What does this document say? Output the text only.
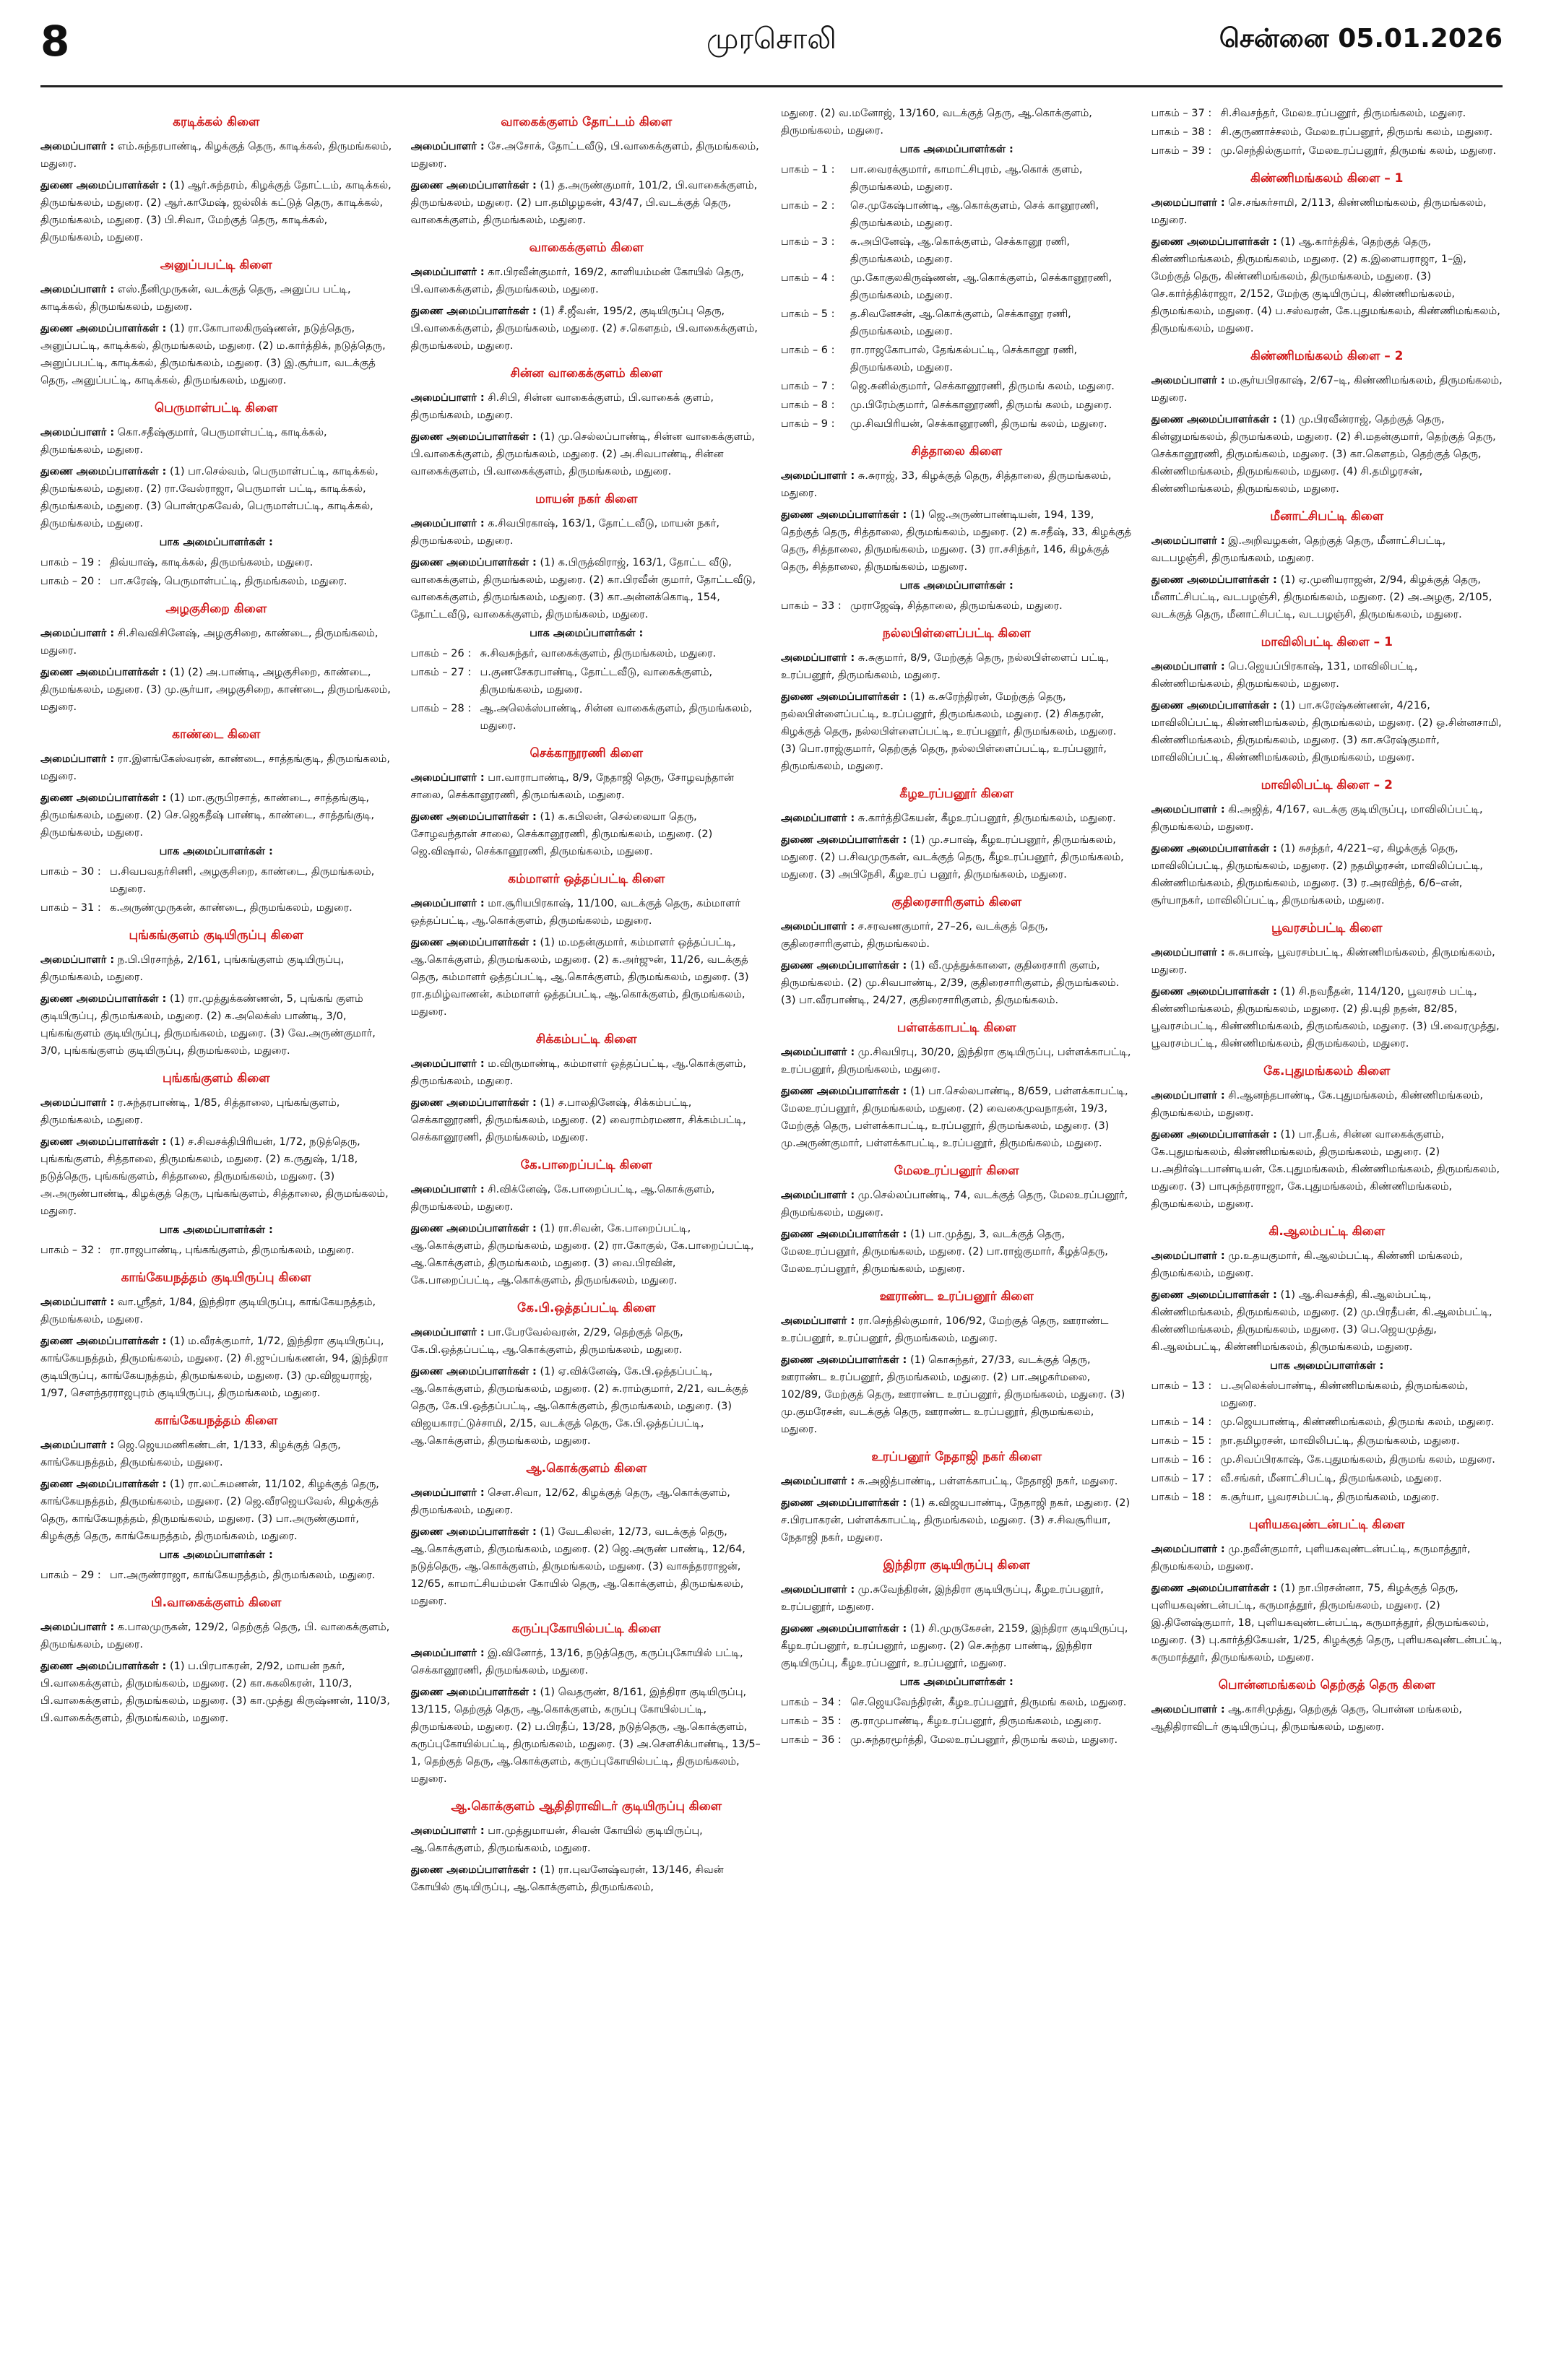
8	முரசொலி	சென்னை 05.01.2026
கரடிக்கல் கிளை
அமைப்பாளர் : எம்.சுந்தரபாண்டி, கிழக்குத் தெரு, காடிக்கல், திருமங்கலம், மதுரை.
துணை அமைப்பாளர்கள் : (1) ஆர்.சுந்தரம், கிழக்குத் தோட்டம், காடிக்கல், திருமங்கலம், மதுரை. (2) ஆர்.காமேஷ், ஜல்லிக் கட்டுத் தெரு, காடிக்கல், திருமங்கலம், மதுரை. (3) பி.சிவா, மேற்குத் தெரு, காடிக்கல், திருமங்கலம், மதுரை.
அனுப்பபட்டி கிளை
அமைப்பாளர் : எஸ்.நீனிமுருகன், வடக்குத் தெரு, அனுப்ப பட்டி, காடிக்கல், திருமங்கலம், மதுரை.
துணை அமைப்பாளர்கள் : (1) ரா.கோபாலகிருஷ்ணன், நடுத்தெரு, அனுப்பட்டி, காடிக்கல், திருமங்கலம், மதுரை. (2) ம.கார்த்திக், நடுத்தெரு, அனுப்பபட்டி, காடிக்கல், திருமங்கலம், மதுரை. (3) இ.சூர்யா, வடக்குத் தெரு, அனுப்பட்டி, காடிக்கல், திருமங்கலம், மதுரை.
பெருமாள்பட்டி கிளை
அமைப்பாளர் : கொ.சதீஷ்குமார், பெருமாள்பட்டி, காடிக்கல், திருமங்கலம், மதுரை.
துணை அமைப்பாளர்கள் : (1) பா.செல்வம், பெருமாள்பட்டி, காடிக்கல், திருமங்கலம், மதுரை. (2) ரா.வேல்ராஜா, பெருமாள் பட்டி, காடிக்கல், திருமங்கலம், மதுரை. (3) பொன்முகவேல், பெருமாள்பட்டி, காடிக்கல், திருமங்கலம், மதுரை.
பாக அமைப்பாளர்கள் :
பாகம் – 19 : திவ்யாஷ், காடிக்கல், திருமங்கலம், மதுரை.
பாகம் – 20 : பா.சுரேஷ், பெருமாள்பட்டி, திருமங்கலம், மதுரை.
அழகுசிறை கிளை
அமைப்பாளர் : சி.சிவவிசினேஷ், அழகுசிறை, காண்டை, திருமங்கலம், மதுரை.
துணை அமைப்பாளர்கள் : (1) (2) அ.பாண்டி, அழகுசிறை, காண்டை, திருமங்கலம், மதுரை. (3) மு.சூர்யா, அழகுசிறை, காண்டை, திருமங்கலம், மதுரை.
காண்டை கிளை
அமைப்பாளர் : ரா.இளங்கேஸ்வரன், காண்டை, சாத்தங்குடி, திருமங்கலம், மதுரை.
துணை அமைப்பாளர்கள் : (1) மா.குருபிரசாத், காண்டை, சாத்தங்குடி, திருமங்கலம், மதுரை. (2) செ.ஜெகதீஷ் பாண்டி, காண்டை, சாத்தங்குடி, திருமங்கலம், மதுரை.
பாக அமைப்பாளர்கள் :
பாகம் – 30 : ப.சிவபவதர்சிணி, அழகுசிறை, காண்டை, திருமங்கலம், மதுரை.
பாகம் – 31 : க.அருண்முருகன், காண்டை, திருமங்கலம், மதுரை.
புங்கங்குளம் குடியிருப்பு கிளை
அமைப்பாளர் : ந.பி.பிரசாந்த், 2/161, புங்கங்குளம் குடியிருப்பு, திருமங்கலம், மதுரை.
துணை அமைப்பாளர்கள் : (1) ரா.முத்துக்கண்ணன், 5, புங்கங் குளம் குடியிருப்பு, திருமங்கலம், மதுரை. (2) க.அலெக்ஸ் பாண்டி, 3/0, புங்கங்குளம் குடியிருப்பு, திருமங்கலம், மதுரை. (3) வே.அருண்குமார், 3/0, புங்கங்குளம் குடியிருப்பு, திருமங்கலம், மதுரை.
புங்கங்குளம் கிளை
அமைப்பாளர் : ர.சுந்தரபாண்டி, 1/85, சித்தாலை, புங்கங்குளம், திருமங்கலம், மதுரை.
துணை அமைப்பாளர்கள் : (1) ச.சிவசக்திபிரியன், 1/72, நடுத்தெரு, புங்கங்குளம், சித்தாலை, திருமங்கலம், மதுரை. (2) க.ருதுஷ், 1/18, நடுத்தெரு, புங்கங்குளம், சித்தாலை, திருமங்கலம், மதுரை. (3) அ.அருண்பாண்டி, கிழக்குத் தெரு, புங்கங்குளம், சித்தாலை, திருமங்கலம், மதுரை.
பாக அமைப்பாளர்கள் :
பாகம் – 32 : ரா.ராஜபாண்டி, புங்கங்குளம், திருமங்கலம், மதுரை.
காங்கேயநத்தம் குடியிருப்பு கிளை
அமைப்பாளர் : வா.ஸ்ரீதர், 1/84, இந்திரா குடியிருப்பு, காங்கேயநத்தம், திருமங்கலம், மதுரை.
துணை அமைப்பாளர்கள் : (1) ம.வீரக்குமார், 1/72, இந்திரா குடியிருப்பு, காங்கேயநத்தம், திருமங்கலம், மதுரை. (2) சி.ஜுப்பங்கணன், 94, இந்திரா குடியிருப்பு, காங்கேயநத்தம், திருமங்கலம், மதுரை. (3) மு.விஜயராஜ், 1/97, சௌந்தரராஜபுரம் குடியிருப்பு, திருமங்கலம், மதுரை.
காங்கேயநத்தம் கிளை
அமைப்பாளர் : ஜெ.ஜெயமணிகண்டன், 1/133, கிழக்குத் தெரு, காங்கேயநத்தம், திருமங்கலம், மதுரை.
துணை அமைப்பாளர்கள் : (1) ரா.லட்சுமணன், 11/102, கிழக்குத் தெரு, காங்கேயநத்தம், திருமங்கலம், மதுரை. (2) ஜெ.வீரஜெயவேல், கிழக்குத் தெரு, காங்கேயநத்தம், திருமங்கலம், மதுரை. (3) பா.அருண்குமார், கிழக்குத் தெரு, காங்கேயநத்தம், திருமங்கலம், மதுரை.
பாக அமைப்பாளர்கள் :
பாகம் – 29 : பா.அருண்ராஜா, காங்கேயநத்தம், திருமங்கலம், மதுரை.
பி.வாகைக்குளம் கிளை
அமைப்பாளர் : க.பாலமுருகன், 129/2, தெற்குத் தெரு, பி. வாகைக்குளம், திருமங்கலம், மதுரை.
துணை அமைப்பாளர்கள் : (1) ப.பிரபாகரன், 2/92, மாயன் நகர், பி.வாகைக்குளம், திருமங்கலம், மதுரை. (2) கா.சுகலிகரன், 110/3, பி.வாகைக்குளம், திருமங்கலம், மதுரை. (3) கா.முத்து கிருஷ்ணன், 110/3, பி.வாகைக்குளம், திருமங்கலம், மதுரை.
வாகைக்குளம் தோட்டம் கிளை
அமைப்பாளர் : சே.அசோக், தோட்டவீடு, பி.வாகைக்குளம், திருமங்கலம், மதுரை.
துணை அமைப்பாளர்கள் : (1) த.அருண்குமார், 101/2, பி.வாகைக்குளம், திருமங்கலம், மதுரை. (2) பா.தமிழழகன், 43/47, பி.வடக்குத் தெரு, வாகைக்குளம், திருமங்கலம், மதுரை.
வாகைக்குளம் கிளை
அமைப்பாளர் : கா.பிரவீன்குமார், 169/2, காளியம்மன் கோயில் தெரு, பி.வாகைக்குளம், திருமங்கலம், மதுரை.
துணை அமைப்பாளர்கள் : (1) சீ.ஜீவன், 195/2, குடியிருப்பு தெரு, பி.வாகைக்குளம், திருமங்கலம், மதுரை. (2) ச.கௌதம், பி.வாகைக்குளம், திருமங்கலம், மதுரை.
சின்ன வாகைக்குளம் கிளை
அமைப்பாளர் : சி.சிபி, சின்ன வாகைக்குளம், பி.வாகைக் குளம், திருமங்கலம், மதுரை.
துணை அமைப்பாளர்கள் : (1) மு.செல்லப்பாண்டி, சின்ன வாகைக்குளம், பி.வாகைக்குளம், திருமங்கலம், மதுரை. (2) அ.சிவபாண்டி, சின்ன வாகைக்குளம், பி.வாகைக்குளம், திருமங்கலம், மதுரை.
மாயன் நகர் கிளை
அமைப்பாளர் : க.சிவபிரகாஷ், 163/1, தோட்டவீடு, மாயன் நகர், திருமங்கலம், மதுரை.
துணை அமைப்பாளர்கள் : (1) க.பிருத்விராஜ், 163/1, தோட்ட வீடு, வாகைக்குளம், திருமங்கலம், மதுரை. (2) கா.பிரவீன் குமார், தோட்டவீடு, வாகைக்குளம், திருமங்கலம், மதுரை. (3) கா.அன்னக்கொடி, 154, தோட்டவீடு, வாகைக்குளம், திருமங்கலம், மதுரை.
பாக அமைப்பாளர்கள் :
பாகம் – 26 : சு.சிவசுந்தர், வாகைக்குளம், திருமங்கலம், மதுரை.
பாகம் – 27 : ப.குணசேகரபாண்டி, தோட்டவீடு, வாகைக்குளம், திருமங்கலம், மதுரை.
பாகம் – 28 : ஆ.அலெக்ஸ்பாண்டி, சின்ன வாகைக்குளம், திருமங்கலம், மதுரை.
செக்காநூரணி கிளை
அமைப்பாளர் : பா.வாராபாண்டி, 8/9, நேதாஜி தெரு, சோழவந்தான் சாலை, செக்கானூரணி, திருமங்கலம், மதுரை.
துணை அமைப்பாளர்கள் : (1) க.கபிலன், செல்லையா தெரு, சோழவந்தான் சாலை, செக்கானூரணி, திருமங்கலம், மதுரை. (2) ஜெ.விஷால், செக்கானூரணி, திருமங்கலம், மதுரை.
கம்மாளர் ஒத்தப்பட்டி கிளை
அமைப்பாளர் : மா.சூரியபிரகாஷ், 11/100, வடக்குத் தெரு, கம்மாளர் ஒத்தப்பட்டி, ஆ.கொக்குளம், திருமங்கலம், மதுரை.
துணை அமைப்பாளர்கள் : (1) ம.மதன்குமார், கம்மாளர் ஒத்தப்பட்டி, ஆ.கொக்குளம், திருமங்கலம், மதுரை. (2) க.அர்ஜுன், 11/26, வடக்குத் தெரு, கம்மாளர் ஒத்தப்பட்டி, ஆ.கொக்குளம், திருமங்கலம், மதுரை. (3) ரா.தமிழ்வாணன், கம்மாளர் ஒத்தப்பட்டி, ஆ.கொக்குளம், திருமங்கலம், மதுரை.
சிக்கம்பட்டி கிளை
அமைப்பாளர் : ம.விருமாண்டி, கம்மாளர் ஒத்தப்பட்டி, ஆ.கொக்குளம், திருமங்கலம், மதுரை.
துணை அமைப்பாளர்கள் : (1) ச.பாலதினேஷ், சிக்கம்பட்டி, செக்கானூரணி, திருமங்கலம், மதுரை. (2) வைராம்ரமணா, சிக்கம்பட்டி, செக்கானூரணி, திருமங்கலம், மதுரை.
கே.பாறைப்பட்டி கிளை
அமைப்பாளர் : சி.விக்னேஷ், கே.பாறைப்பட்டி, ஆ.கொக்குளம், திருமங்கலம், மதுரை.
துணை அமைப்பாளர்கள் : (1) ரா.சிவன், கே.பாறைப்பட்டி, ஆ.கொக்குளம், திருமங்கலம், மதுரை. (2) ரா.கோகுல், கே.பாறைப்பட்டி, ஆ.கொக்குளம், திருமங்கலம், மதுரை. (3) வை.பிரவின், கே.பாறைப்பட்டி, ஆ.கொக்குளம், திருமங்கலம், மதுரை.
கே.பி.ஒத்தப்பட்டி கிளை
அமைப்பாளர் : பா.பேரவேல்வரன், 2/29, தெற்குத் தெரு, கே.பி.ஒத்தப்பட்டி, ஆ.கொக்குளம், திருமங்கலம், மதுரை.
துணை அமைப்பாளர்கள் : (1) ஏ.விக்னேஷ், கே.பி.ஒத்தப்பட்டி, ஆ.கொக்குளம், திருமங்கலம், மதுரை. (2) சு.ராம்குமார், 2/21, வடக்குத் தெரு, கே.பி.ஒத்தப்பட்டி, ஆ.கொக்குளம், திருமங்கலம், மதுரை. (3) விஜயகாரட்டுச்சாமி, 2/15, வடக்குத் தெரு, கே.பி.ஒத்தப்பட்டி, ஆ.கொக்குளம், திருமங்கலம், மதுரை.
ஆ.கொக்குளம் கிளை
அமைப்பாளர் : சௌ.சிவா, 12/62, கிழக்குத் தெரு, ஆ.கொக்குளம், திருமங்கலம், மதுரை.
துணை அமைப்பாளர்கள் : (1) வேடகிலன், 12/73, வடக்குத் தெரு, ஆ.கொக்குளம், திருமங்கலம், மதுரை. (2) ஜெ.அருண் பாண்டி, 12/64, நடுத்தெரு, ஆ.கொக்குளம், திருமங்கலம், மதுரை. (3) வாசுந்தரராஜன், 12/65, காமாட்சியம்மன் கோயில் தெரு, ஆ.கொக்குளம், திருமங்கலம், மதுரை.
கருப்புகோயில்பட்டி கிளை
அமைப்பாளர் : இ.வினோத், 13/16, நடுத்தெரு, கருப்புகோயில் பட்டி, செக்கானூரணி, திருமங்கலம், மதுரை.
துணை அமைப்பாளர்கள் : (1) வெதருண், 8/161, இந்திரா குடியிருப்பு, 13/115, தெற்குத் தெரு, ஆ.கொக்குளம், கருப்பு கோயில்பட்டி, திருமங்கலம், மதுரை. (2) ப.பிரதீப், 13/28, நடுத்தெரு, ஆ.கொக்குளம், கருப்புகோயில்பட்டி, திருமங்கலம், மதுரை. (3) அ.சௌசிக்பாண்டி, 13/5–1, தெற்குத் தெரு, ஆ.கொக்குளம், கருப்புகோயில்பட்டி, திருமங்கலம், மதுரை.
ஆ.கொக்குளம் ஆதிதிராவிடர் குடியிருப்பு கிளை
அமைப்பாளர் : பா.முத்துமாயன், சிவன் கோயில் குடியிருப்பு, ஆ.கொக்குளம், திருமங்கலம், மதுரை.
துணை அமைப்பாளர்கள் : (1) ரா.புவனேஷ்வரன், 13/146, சிவன் கோயில் குடியிருப்பு, ஆ.கொக்குளம், திருமங்கலம்,
மதுரை. (2) வ.மனோஜ், 13/160, வடக்குத் தெரு, ஆ.கொக்குளம், திருமங்கலம், மதுரை.
பாக அமைப்பாளர்கள் :
பாகம் – 1 :	பா.வைரக்குமார், காமாட்சிபுரம், ஆ.கொக் குளம், திருமங்கலம், மதுரை.
பாகம் – 2 :	செ.முகேஷ்பாண்டி, ஆ.கொக்குளம், செக் கானூரணி, திருமங்கலம், மதுரை.
பாகம் – 3 :	சு.அபினேஷ், ஆ.கொக்குளம், செக்கானூ ரணி, திருமங்கலம், மதுரை.
பாகம் – 4 :	மு.கோகுலகிருஷ்ணன், ஆ.கொக்குளம், செக்கானூரணி, திருமங்கலம், மதுரை.
பாகம் – 5 :	த.சிவனேசன், ஆ.கொக்குளம், செக்கானூ ரணி, திருமங்கலம், மதுரை.
பாகம் – 6 :	ரா.ராஜகோபால், தேங்கல்பட்டி, செக்கானூ ரணி, திருமங்கலம், மதுரை.
பாகம் – 7 :	ஜெ.சுனில்குமார், செக்கானூரணி, திருமங் கலம், மதுரை.
பாகம் – 8 :	மு.பிரேம்குமார், செக்கானூரணி, திருமங் கலம், மதுரை.
பாகம் – 9 :	மு.சிவபிரியன், செக்கானூரணி, திருமங் கலம், மதுரை.
சித்தாலை கிளை
அமைப்பாளர் : சு.சுராஜ், 33, கிழக்குத் தெரு, சித்தாலை, திருமங்கலம், மதுரை.
துணை அமைப்பாளர்கள் : (1) ஜெ.அருண்பாண்டியன், 194, 139, தெற்குத் தெரு, சித்தாலை, திருமங்கலம், மதுரை. (2) சு.சதீஷ், 33, கிழக்குத் தெரு, சித்தாலை, திருமங்கலம், மதுரை. (3) ரா.சசிந்தர், 146, கிழக்குத் தெரு, சித்தாலை, திருமங்கலம், மதுரை.
பாக அமைப்பாளர்கள் :
பாகம் – 33 : முராஜேஷ், சித்தாலை, திருமங்கலம், மதுரை.
நல்லபிள்ளைப்பட்டி கிளை
அமைப்பாளர் : சு.சுகுமார், 8/9, மேற்குத் தெரு, நல்லபிள்ளைப் பட்டி, உரப்பனூர், திருமங்கலம், மதுரை.
துணை அமைப்பாளர்கள் : (1) க.சுரேந்திரன், மேற்குத் தெரு, நல்லபிள்ளைப்பட்டி, உரப்பனூர், திருமங்கலம், மதுரை. (2) சிசுதரன், கிழக்குத் தெரு, நல்லபிள்ளைப்பட்டி, உரப்பனூர், திருமங்கலம், மதுரை. (3) பொ.ராஜ்குமார், தெற்குத் தெரு, நல்லபிள்ளைப்பட்டி, உரப்பனூர், திருமங்கலம், மதுரை.
கீழஉரப்பனூர் கிளை
அமைப்பாளர் : சு.கார்த்திகேயன், கீழஉரப்பனூர், திருமங்கலம், மதுரை.
துணை அமைப்பாளர்கள் : (1) மு.சபாஷ், கீழஉரப்பனூர், திருமங்கலம், மதுரை. (2) ப.சிவமுருகன், வடக்குத் தெரு, கீழஉரப்பனூர், திருமங்கலம், மதுரை. (3) அபிநேசி, கீழஉரப் பனூர், திருமங்கலம், மதுரை.
குதிரைசாரிகுளம் கிளை
அமைப்பாளர் : ச.சரவணகுமார், 27–26, வடக்குத் தெரு, குதிரைசாரிகுளம், திருமங்கலம்.
துணை அமைப்பாளர்கள் : (1) வீ.முத்துக்காளை, குதிரைசாரி குளம், திருமங்கலம். (2) மு.சிவபாண்டி, 2/39, குதிரைசாரிகுளம், திருமங்கலம். (3) பா.வீரபாண்டி, 24/27, குதிரைசாரிகுளம், திருமங்கலம்.
பள்ளக்காபட்டி கிளை
அமைப்பாளர் : மு.சிவபிரபு, 30/20, இந்திரா குடியிருப்பு, பள்ளக்காபட்டி, உரப்பனூர், திருமங்கலம், மதுரை.
துணை அமைப்பாளர்கள் : (1) பா.செல்லபாண்டி, 8/659, பள்ளக்காபட்டி, மேலஉரப்பனூர், திருமங்கலம், மதுரை. (2) வைகைமுவநாதன், 19/3, மேற்குத் தெரு, பள்ளக்காபட்டி, உரப்பனூர், திருமங்கலம், மதுரை. (3) மு.அருண்குமார், பள்ளக்காபட்டி, உரப்பனூர், திருமங்கலம், மதுரை.
மேலஉரப்பனூர் கிளை
அமைப்பாளர் : மு.செல்லப்பாண்டி, 74, வடக்குத் தெரு, மேலஉரப்பனூர், திருமங்கலம், மதுரை.
துணை அமைப்பாளர்கள் : (1) பா.முத்து, 3, வடக்குத் தெரு, மேலஉரப்பனூர், திருமங்கலம், மதுரை. (2) பா.ராஜ்குமார், கீழத்தெரு, மேலஉரப்பனூர், திருமங்கலம், மதுரை.
ஊராண்ட உரப்பனூர் கிளை
அமைப்பாளர் : ரா.செந்தில்குமார், 106/92, மேற்குத் தெரு, ஊராண்ட உரப்பனூர், உரப்பனூர், திருமங்கலம், மதுரை.
துணை அமைப்பாளர்கள் : (1) கொசுந்தர், 27/33, வடக்குத் தெரு, ஊராண்ட உரப்பனூர், திருமங்கலம், மதுரை. (2) பா.அழகர்மலை, 102/89, மேற்குத் தெரு, ஊராண்ட உரப்பனூர், திருமங்கலம், மதுரை. (3) மு.குமரேசன், வடக்குத் தெரு, ஊராண்ட உரப்பனூர், திருமங்கலம், மதுரை.
உரப்பனூர் நேதாஜி நகர் கிளை
அமைப்பாளர் : சு.அஜித்பாண்டி, பள்ளக்காபட்டி, நேதாஜி நகர், மதுரை.
துணை அமைப்பாளர்கள் : (1) க.விஜயபாண்டி, நேதாஜி நகர், மதுரை. (2) ச.பிரபாகரன், பள்ளக்காபட்டி, திருமங்கலம், மதுரை. (3) ச.சிவசூரியா, நேதாஜி நகர், மதுரை.
இந்திரா குடியிருப்பு கிளை
அமைப்பாளர் : மு.சுவேந்திரன், இந்திரா குடியிருப்பு, கீழஉரப்பனூர், உரப்பனூர், மதுரை.
துணை அமைப்பாளர்கள் : (1) சி.முருகேசன், 2159, இந்திரா குடியிருப்பு, கீழஉரப்பனூர், உரப்பனூர், மதுரை. (2) செ.சுந்தர பாண்டி, இந்திரா குடியிருப்பு, கீழஉரப்பனூர், உரப்பனூர், மதுரை.
பாக அமைப்பாளர்கள் :
பாகம் – 34 : செ.ஜெயவேந்திரன், கீழஉரப்பனூர், திருமங் கலம், மதுரை.
பாகம் – 35 : கு.ராமுபாண்டி, கீழஉரப்பனூர், திருமங்கலம், மதுரை.
பாகம் – 36 : மு.சுந்தரமூர்த்தி, மேலஉரப்பனூர், திருமங் கலம், மதுரை.
பாகம் – 37 : சி.சிவசந்தர், மேலஉரப்பனூர், திருமங்கலம், மதுரை.
பாகம் – 38 : சி.குருணாச்சலம், மேலஉரப்பனூர், திருமங் கலம், மதுரை.
பாகம் – 39 : மு.செந்தில்குமார், மேலஉரப்பனூர், திருமங் கலம், மதுரை.
கிண்ணிமங்கலம் கிளை – 1
அமைப்பாளர் : செ.சங்கர்சாமி, 2/113, கிண்ணிமங்கலம், திருமங்கலம், மதுரை.
துணை அமைப்பாளர்கள் : (1) ஆ.கார்த்திக், தெற்குத் தெரு, கிண்ணிமங்கலம், திருமங்கலம், மதுரை. (2) க.இளையராஜா, 1–இ, மேற்குத் தெரு, கிண்ணிமங்கலம், திருமங்கலம், மதுரை. (3) செ.கார்த்திக்ராஜா, 2/152, மேற்கு குடியிருப்பு, கிண்ணிமங்கலம், திருமங்கலம், மதுரை. (4) ப.சஸ்வரன், கே.புதுமங்கலம், கிண்ணிமங்கலம், திருமங்கலம், மதுரை.
கிண்ணிமங்கலம் கிளை – 2
அமைப்பாளர் : ம.சூர்யபிரகாஷ், 2/67–டி, கிண்ணிமங்கலம், திருமங்கலம், மதுரை.
துணை அமைப்பாளர்கள் : (1) மு.பிரவீன்ராஜ், தெற்குத் தெரு, கின்னுமங்கலம், திருமங்கலம், மதுரை. (2) சி.மதன்குமார், தெற்குத் தெரு, செக்கானூரணி, திருமங்கலம், மதுரை. (3) கா.கௌதம், தெற்குத் தெரு, கிண்ணிமங்கலம், திருமங்கலம், மதுரை. (4) சி.தமிழரசன், கிண்ணிமங்கலம், திருமங்கலம், மதுரை.
மீனாட்சிபட்டி கிளை
அமைப்பாளர் : இ.அறிவழகன், தெற்குத் தெரு, மீனாட்சிபட்டி, வடபழஞ்சி, திருமங்கலம், மதுரை.
துணை அமைப்பாளர்கள் : (1) ஏ.முனியராஜன், 2/94, கிழக்குத் தெரு, மீனாட்சிபட்டி, வடபழஞ்சி, திருமங்கலம், மதுரை. (2) அ.அழகு, 2/105, வடக்குத் தெரு, மீனாட்சிபட்டி, வடபழஞ்சி, திருமங்கலம், மதுரை.
மாவிலிபட்டி கிளை – 1
அமைப்பாளர் : பெ.ஜெயப்பிரகாஷ், 131, மாவிலிபட்டி, கிண்ணிமங்கலம், திருமங்கலம், மதுரை.
துணை அமைப்பாளர்கள் : (1) பா.சுரேஷ்கண்ணன், 4/216, மாவிலிப்பட்டி, கிண்ணிமங்கலம், திருமங்கலம், மதுரை. (2) ஒ.சின்னசாமி, கிண்ணிமங்கலம், திருமங்கலம், மதுரை. (3) கா.சுரேஷ்குமார், மாவிலிப்பட்டி, கிண்ணிமங்கலம், திருமங்கலம், மதுரை.
மாவிலிபட்டி கிளை – 2
அமைப்பாளர் : கி.அஜித், 4/167, வடக்கு குடியிருப்பு, மாவிலிப்பட்டி, திருமங்கலம், மதுரை.
துணை அமைப்பாளர்கள் : (1) சுசந்தர், 4/221–ஏ, கிழக்குத் தெரு, மாவிலிப்பட்டி, திருமங்கலம், மதுரை. (2) நதமிழரசன், மாவிலிப்பட்டி, கிண்ணிமங்கலம், திருமங்கலம், மதுரை. (3) ர.அரவிந்த், 6/6–என், சூர்யாநகர், மாவிலிப்பட்டி, திருமங்கலம், மதுரை.
பூவரசம்பட்டி கிளை
அமைப்பாளர் : சு.சுபாஷ், பூவரசம்பட்டி, கிண்ணிமங்கலம், திருமங்கலம், மதுரை.
துணை அமைப்பாளர்கள் : (1) சி.நவநீதன், 114/120, பூவரசம் பட்டி, கிண்ணிமங்கலம், திருமங்கலம், மதுரை. (2) தி.யுதி நதன், 82/85, பூவரசம்பட்டி, கிண்ணிமங்கலம், திருமங்கலம், மதுரை. (3) பி.வைரமுத்து, பூவரசம்பட்டி, கிண்ணிமங்கலம், திருமங்கலம், மதுரை.
கே.புதுமங்கலம் கிளை
அமைப்பாளர் : சி.ஆனந்தபாண்டி, கே.புதுமங்கலம், கிண்ணிமங்கலம், திருமங்கலம், மதுரை.
துணை அமைப்பாளர்கள் : (1) பா.தீபக், சின்ன வாகைக்குளம், கே.புதுமங்கலம், கிண்ணிமங்கலம், திருமங்கலம், மதுரை. (2) ப.அதிர்ஷ்டபாண்டியன், கே.புதுமங்கலம், கிண்ணிமங்கலம், திருமங்கலம், மதுரை. (3) பாபுசுந்தரராஜா, கே.புதுமங்கலம், கிண்ணிமங்கலம், திருமங்கலம், மதுரை.
கி.ஆலம்பட்டி கிளை
அமைப்பாளர் : மு.உதயகுமார், கி.ஆலம்பட்டி, கிண்ணி மங்கலம், திருமங்கலம், மதுரை.
துணை அமைப்பாளர்கள் : (1) ஆ.சிவசக்தி, கி.ஆலம்பட்டி, கிண்ணிமங்கலம், திருமங்கலம், மதுரை. (2) மு.பிரதீபன், கி.ஆலம்பட்டி, கிண்ணிமங்கலம், திருமங்கலம், மதுரை. (3) பெ.ஜெயமுத்து, கி.ஆலம்பட்டி, கிண்ணிமங்கலம், திருமங்கலம், மதுரை.
பாக அமைப்பாளர்கள் :
பாகம் – 13 : ப.அலெக்ஸ்பாண்டி, கிண்ணிமங்கலம், திருமங்கலம், மதுரை.
பாகம் – 14 : மு.ஜெயபாண்டி, கிண்ணிமங்கலம், திருமங் கலம், மதுரை.
பாகம் – 15 : நா.தமிழரசன், மாவிலிபட்டி, திருமங்கலம், மதுரை.
பாகம் – 16 : மு.சிவப்பிரகாஷ், கே.புதுமங்கலம், திருமங் கலம், மதுரை.
பாகம் – 17 : வீ.சங்கர், மீனாட்சிபட்டி, திருமங்கலம், மதுரை.
பாகம் – 18 : சு.சூர்யா, பூவரசம்பட்டி, திருமங்கலம், மதுரை.
புளியகவுண்டன்பட்டி கிளை
அமைப்பாளர் : மு.நவீன்குமார், புளியகவுண்டன்பட்டி, கருமாத்தூர், திருமங்கலம், மதுரை.
துணை அமைப்பாளர்கள் : (1) நா.பிரசன்னா, 75, கிழக்குத் தெரு, புளியகவுண்டன்பட்டி, கருமாத்தூர், திருமங்கலம், மதுரை. (2) இ.தினேஷ்குமார், 18, புளியகவுண்டன்பட்டி, கருமாத்தூர், திருமங்கலம், மதுரை. (3) பு.கார்த்திகேயன், 1/25, கிழக்குத் தெரு, புளியகவுண்டன்பட்டி, கருமாத்தூர், திருமங்கலம், மதுரை.
பொன்னமங்கலம் தெற்குத் தெரு கிளை
அமைப்பாளர் : ஆ.காசிமுத்து, தெற்குத் தெரு, பொன்ன மங்கலம், ஆதிதிராவிடர் குடியிருப்பு, திருமங்கலம், மதுரை.
